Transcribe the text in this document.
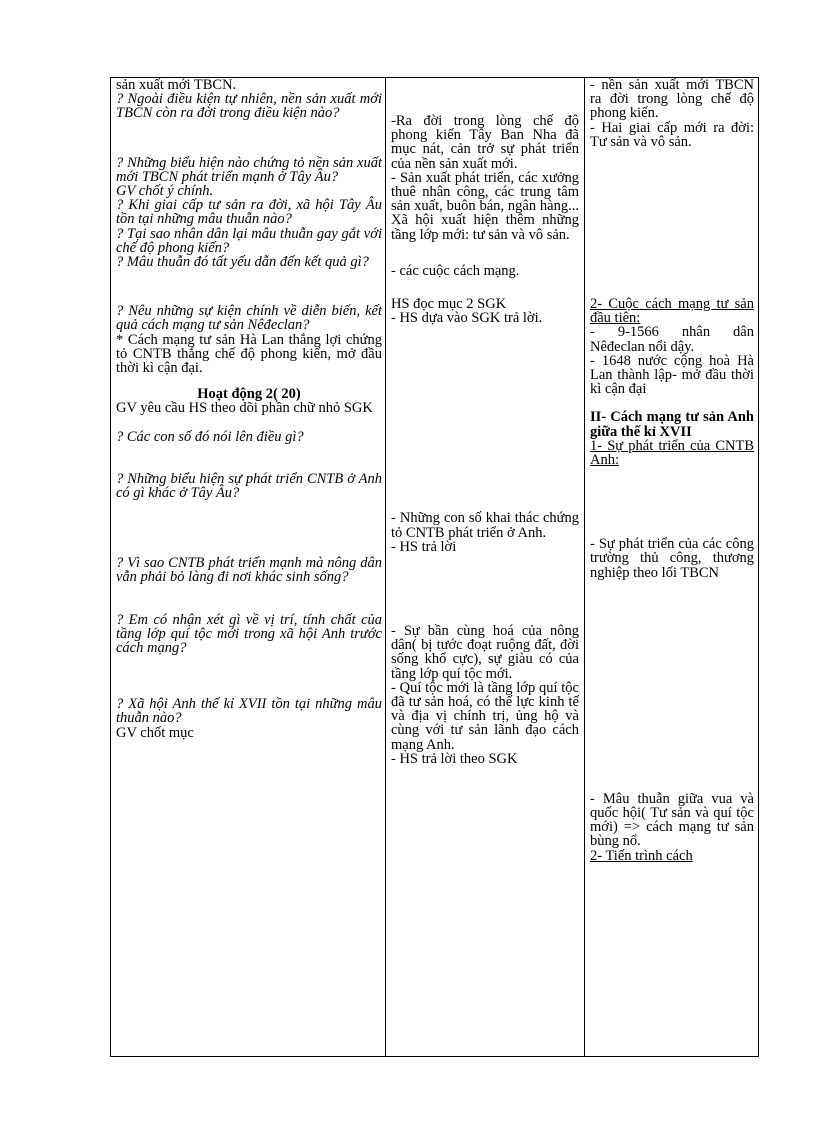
sản xuất mới TBCN.

? Ngoài điều kiện tự nhiên, nền sản xuất mới TBCN còn ra đời trong điều kiện nào?

? Những biểu hiện nào chứng tỏ nền sản xuất mới TBCN phát triển mạnh ở Tây Âu?

GV chốt ý chính.

? Khi giai cấp tư sản ra đời, xã hội Tây Âu tồn tại những mâu thuẫn nào?

? Tại sao nhân dân lại mâu thuẫn gay gắt với chế độ phong kiến?

? Mâu thuẫn đó tất yếu dẫn đến kết quả gì?

? Nêu những sự kiện chính về diễn biến, kết quả cách mạng tư sản Nêđeclan?

* Cách mạng tư sản Hà Lan thắng lợi chứng tỏ CNTB thắng chế độ phong kiến, mở đầu thời kì cận đại.

Hoạt động 2( 20)

GV yêu cầu HS theo dõi phần chữ nhỏ SGK

? Các con số đó nói lên điều gì?

? Những biểu hiện sự phát triển CNTB ở Anh có gì khác ở Tây Âu?

? Vì sao CNTB phát triển mạnh mà nông dân vẫn phải bỏ làng đi nơi khác sinh sống?

? Em có nhận xét gì về vị trí, tính chất của tầng lớp quí tộc mới trong xã hội Anh trước cách mạng?

? Xã hội Anh thế kỉ XVII tồn tại những mâu thuẫn nào?

GV chốt mục

-Ra đời trong lòng chế độ phong kiến Tây Ban Nha đã mục nát, cản trở sự phát triển của nền sản xuất mới.

- Sản xuất phát triển, các xưởng thuê nhân công, các trung tâm sản xuất, buôn bán, ngân hàng... Xã hội xuất hiện thêm những tầng lớp mới: tư sản và vô sản.

- các cuộc cách mạng.

HS đọc mục 2 SGK

- HS dựa vào SGK trả lời.

- Những con số khai thác chứng tỏ CNTB phát triển ở Anh.

- HS trả lời

- Sự bần cùng hoá của nông dân( bị tước đoạt ruộng đất, đời sống khổ cực), sự giàu có của tầng lớp quí tộc mới.

- Quí tộc mới là tầng lớp quí tộc đã tư sản hoá, có thế lực kinh tế và địa vị chính trị, ủng hộ và cùng với tư sản lãnh đạo cách mạng Anh.

- HS trả lời theo SGK

- nền sản xuất mới TBCN ra đời trong lòng chế độ phong kiến.

- Hai giai cấp mới ra đời: Tư sản và vô sản.

2- Cuộc cách mạng tư sản đầu tiên:

- 9-1566 nhân dân Nêđeclan nổi dậy.

- 1648 nước cộng hoà Hà Lan thành lập- mở đầu thời kì cận đại

II- Cách mạng tư sản Anh giữa thế kỉ XVII

1- Sự phát triển của CNTB Anh:

- Sự phát triển của các công trường thủ công, thương nghiệp theo lối TBCN

- Mâu thuẫn giữa vua và quốc hội( Tư sản và quí tộc mới) => cách mạng tư sản bùng nổ.

2- Tiến trình cách
